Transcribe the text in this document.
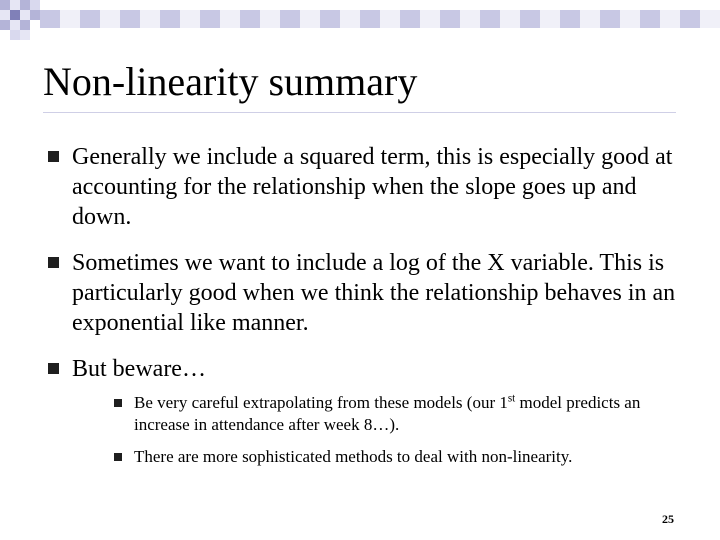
Non-linearity summary
Generally we include a squared term, this is especially good at accounting for the relationship when the slope goes up and down.
Sometimes we want to include a log of the X variable. This is particularly good when we think the relationship behaves in an exponential like manner.
But beware…
Be very careful extrapolating from these models (our 1st model predicts an increase in attendance after week 8…).
There are more sophisticated methods to deal with non-linearity.
25
